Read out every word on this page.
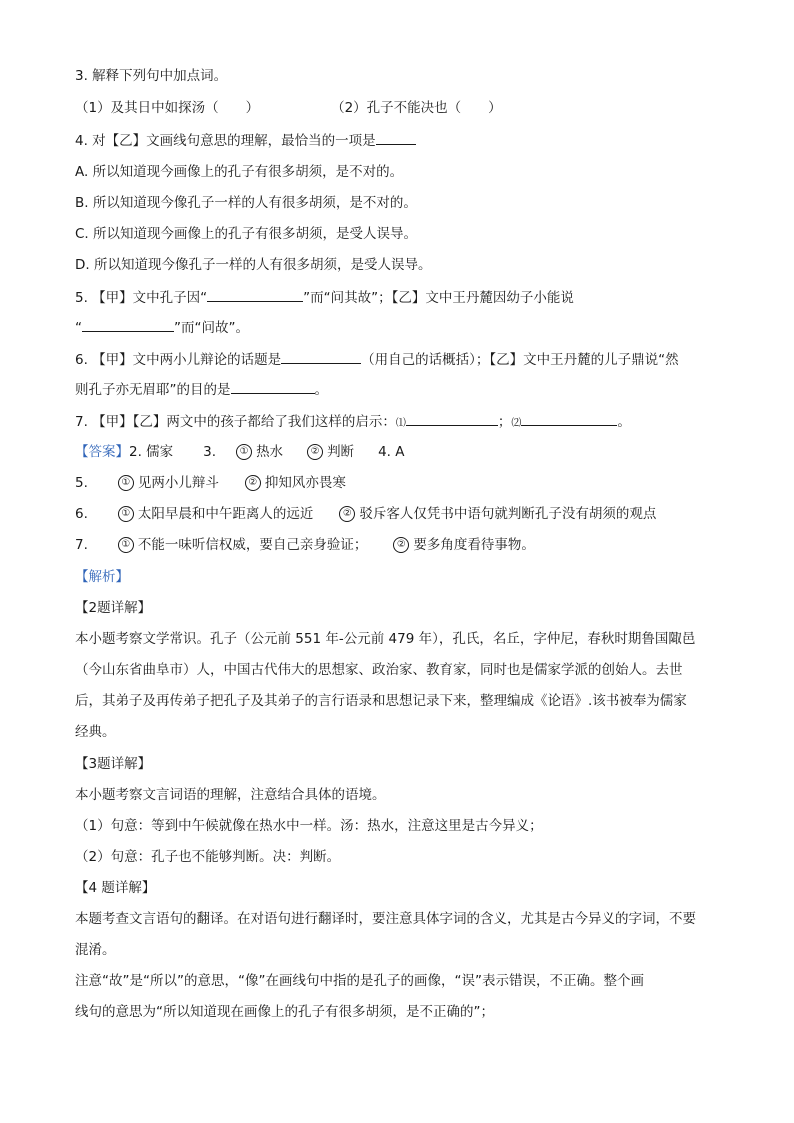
3. 解释下列句中加点词。
（1）及其日中如探汤（　　）	（2）孔子不能决也（　　）
4. 对【乙】文画线句意思的理解，最恰当的一项是
A. 所以知道现今画像上的孔子有很多胡须，是不对的。
B. 所以知道现今像孔子一样的人有很多胡须，是不对的。
C. 所以知道现今画像上的孔子有很多胡须，是受人误导。
D. 所以知道现今像孔子一样的人有很多胡须，是受人误导。
5. 【甲】文中孔子因“	”而“问其故”；【乙】文中王丹麓因幼子小能说
“	”而“问故”。
6. 【甲】文中两小儿辩论的话题是	（用自己的话概括）；【乙】文中王丹麓的儿子鼎说“然
则孔子亦无眉耶”的目的是	。
7. 【甲】【乙】两文中的孩子都给了我们这样的启示：⑴	；⑵	。
【答案】2. 儒家 3. ① 热水	② 判断 4. A
5.	① 见两小儿辩斗	② 抑知风亦畏寒
6.	① 太阳早晨和中午距离人的远近	② 驳斥客人仅凭书中语句就判断孔子没有胡须的观点
7.	① 不能一味听信权威，要自己亲身验证；	② 要多角度看待事物。
【解析】
【2题详解】
本小题考察文学常识。孔子（公元前 551 年-公元前 479 年），孔氏，名丘，字仲尼，春秋时期鲁国陬邑
（今山东省曲阜市）人，中国古代伟大的思想家、政治家、教育家，同时也是儒家学派的创始人。去世
后，其弟子及再传弟子把孔子及其弟子的言行语录和思想记录下来，整理编成《论语》.该书被奉为儒家
经典。
【3题详解】
本小题考察文言词语的理解，注意结合具体的语境。
（1）句意：等到中午候就像在热水中一样。汤：热水，注意这里是古今异义；
（2）句意：孔子也不能够判断。决：判断。
【4 题详解】
本题考查文言语句的翻译。在对语句进行翻译时，要注意具体字词的含义，尤其是古今异义的字词，不要
混淆。
注意“故”是“所以”的意思，“像”在画线句中指的是孔子的画像，“误”表示错误，不正确。整个画
线句的意思为“所以知道现在画像上的孔子有很多胡须，是不正确的”；
